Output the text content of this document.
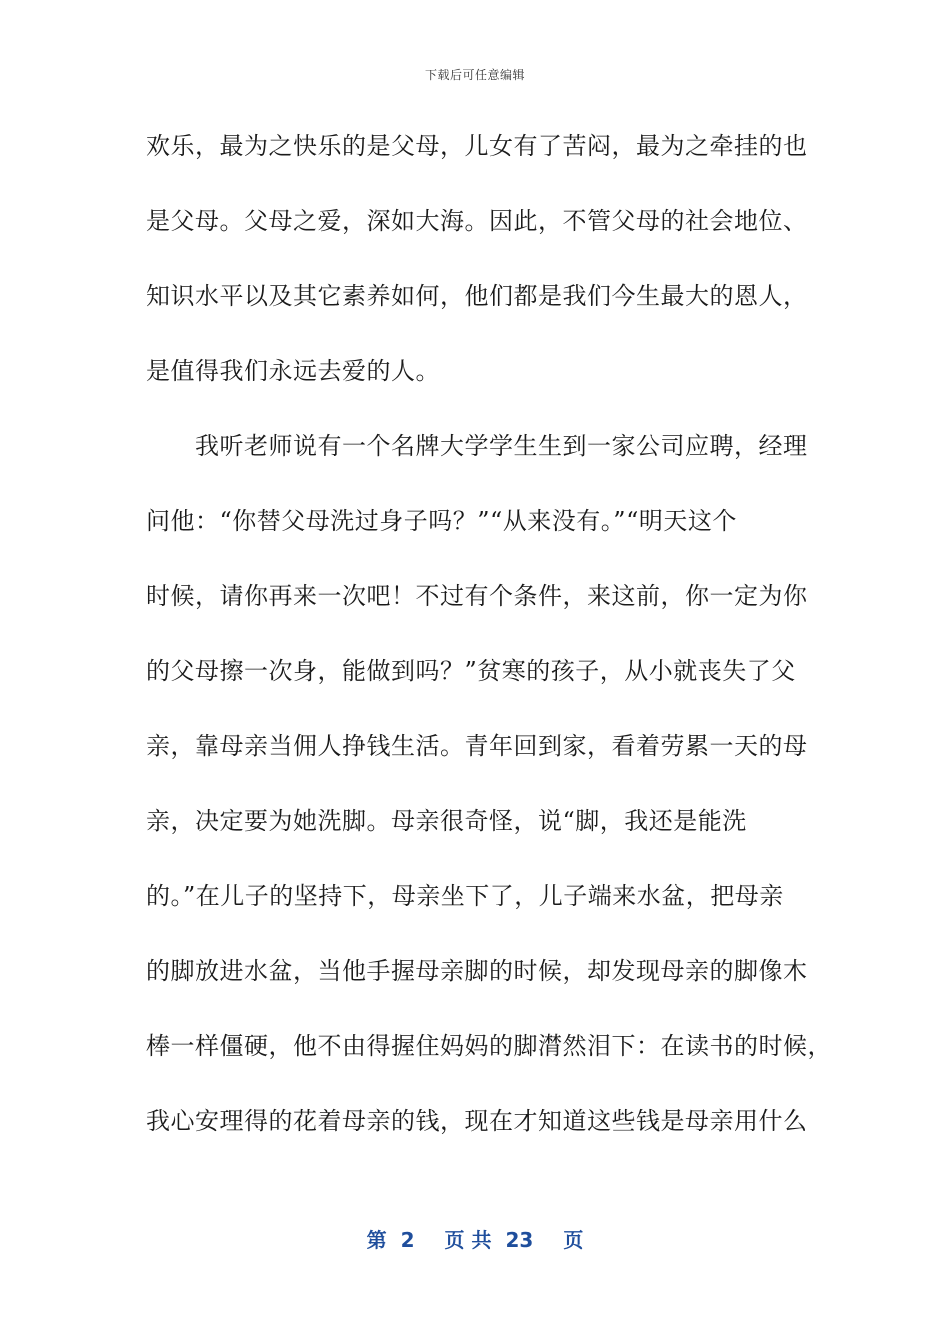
下载后可任意编辑
欢乐，最为之快乐的是父母，儿女有了苦闷，最为之牵挂的也
是父母。父母之爱，深如大海。因此，不管父母的社会地位、
知识水平以及其它素养如何，他们都是我们今生最大的恩人，
是值得我们永远去爱的人。
　　我听老师说有一个名牌大学学生生到一家公司应聘，经理
问他：“你替父母洗过身子吗？”“从来没有。”“明天这个
时候，请你再来一次吧！不过有个条件，来这前，你一定为你
的父母擦一次身，能做到吗？”贫寒的孩子，从小就丧失了父
亲，靠母亲当佣人挣钱生活。青年回到家，看着劳累一天的母
亲，决定要为她洗脚。母亲很奇怪，说“脚，我还是能洗
的。”在儿子的坚持下，母亲坐下了，儿子端来水盆，把母亲
的脚放进水盆，当他手握母亲脚的时候，却发现母亲的脚像木
棒一样僵硬，他不由得握住妈妈的脚潸然泪下：在读书的时候，
我心安理得的花着母亲的钱，现在才知道这些钱是母亲用什么
第 2 页 共 23 页
